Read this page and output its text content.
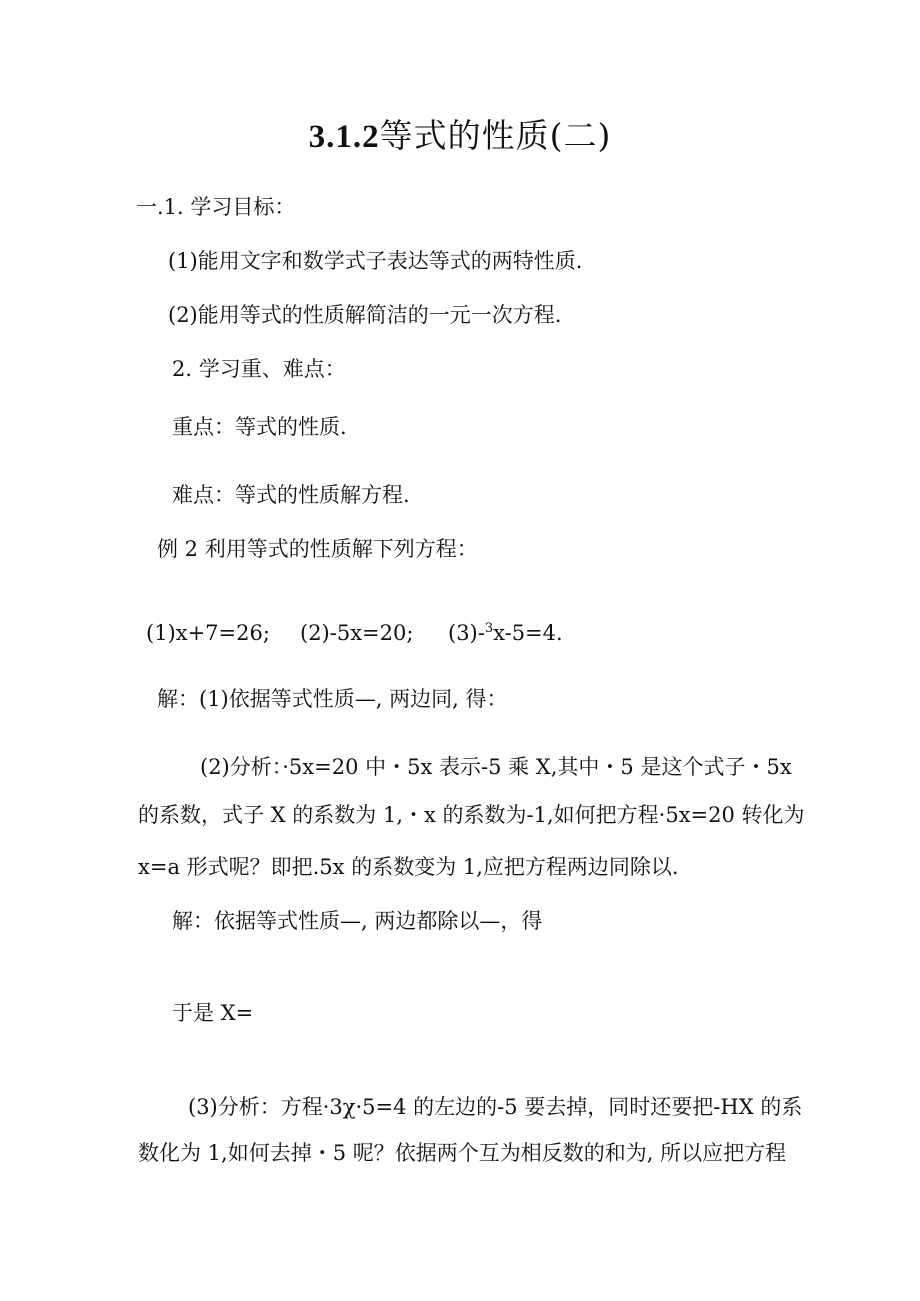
3.1.2等式的性质(二)
一.1. 学习目标：
(1)能用文字和数学式子表达等式的两特性质.
(2)能用等式的性质解简洁的一元一次方程.
2. 学习重、难点：
重点：等式的性质.
难点：等式的性质解方程.
例 2 利用等式的性质解下列方程：
(1)x+7=26; (2)-5x=20; (3)-$^3$x-5=4.
解：(1)依据等式性质—, 两边同, 得：
(2)分析：·5x=20 中・5x 表示-5 乘 X,其中・5 是这个式子・5x
的系数，式子 X 的系数为 1,・x 的系数为-1,如何把方程·5x=20 转化为
x=a 形式呢？即把.5x 的系数变为 1,应把方程两边同除以.
解：依据等式性质—, 两边都除以—，得
于是 X=
(3)分析：方程·3χ·5=4 的左边的-5 要去掉，同时还要把-HX 的系
数化为 1,如何去掉・5 呢？依据两个互为相反数的和为, 所以应把方程
